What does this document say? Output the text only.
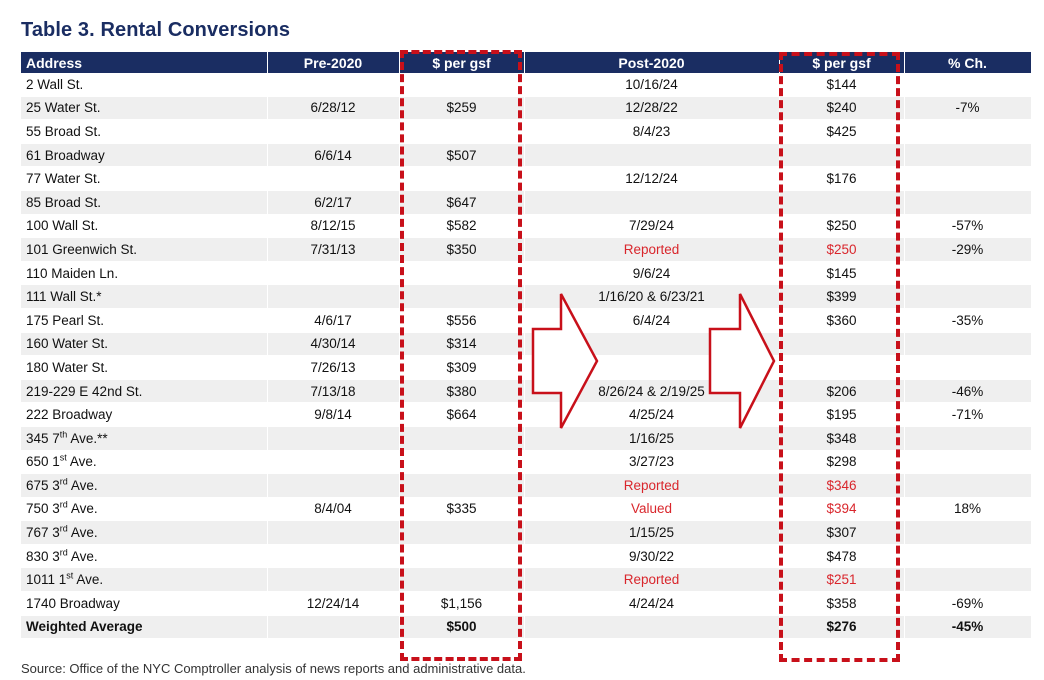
Table 3. Rental Conversions
Address	Pre-2020	$ per gsf	Post-2020	$ per gsf	% Ch.
2 Wall St.			10/16/24	$144	
25 Water St.	6/28/12	$259	12/28/22	$240	-7%
55 Broad St.			8/4/23	$425	
61 Broadway	6/6/14	$507			
77 Water St.			12/12/24	$176	
85 Broad St.	6/2/17	$647			
100 Wall St.	8/12/15	$582	7/29/24	$250	-57%
101 Greenwich St.	7/31/13	$350	Reported	$250	-29%
110 Maiden Ln.			9/6/24	$145	
111 Wall St.*			1/16/20 & 6/23/21	$399	
175 Pearl St.	4/6/17	$556	6/4/24	$360	-35%
160 Water St.	4/30/14	$314			
180 Water St.	7/26/13	$309			
219-229 E 42nd St.	7/13/18	$380	8/26/24 & 2/19/25	$206	-46%
222 Broadway	9/8/14	$664	4/25/24	$195	-71%
345 7th Ave.**			1/16/25	$348	
650 1st Ave.			3/27/23	$298	
675 3rd Ave.			Reported	$346	
750 3rd Ave.	8/4/04	$335	Valued	$394	18%
767 3rd Ave.			1/15/25	$307	
830 3rd Ave.			9/30/22	$478	
1011 1st Ave.			Reported	$251	
1740 Broadway	12/24/14	$1,156	4/24/24	$358	-69%
Weighted Average		$500		$276	-45%
Source: Office of the NYC Comptroller analysis of news reports and administrative data.
